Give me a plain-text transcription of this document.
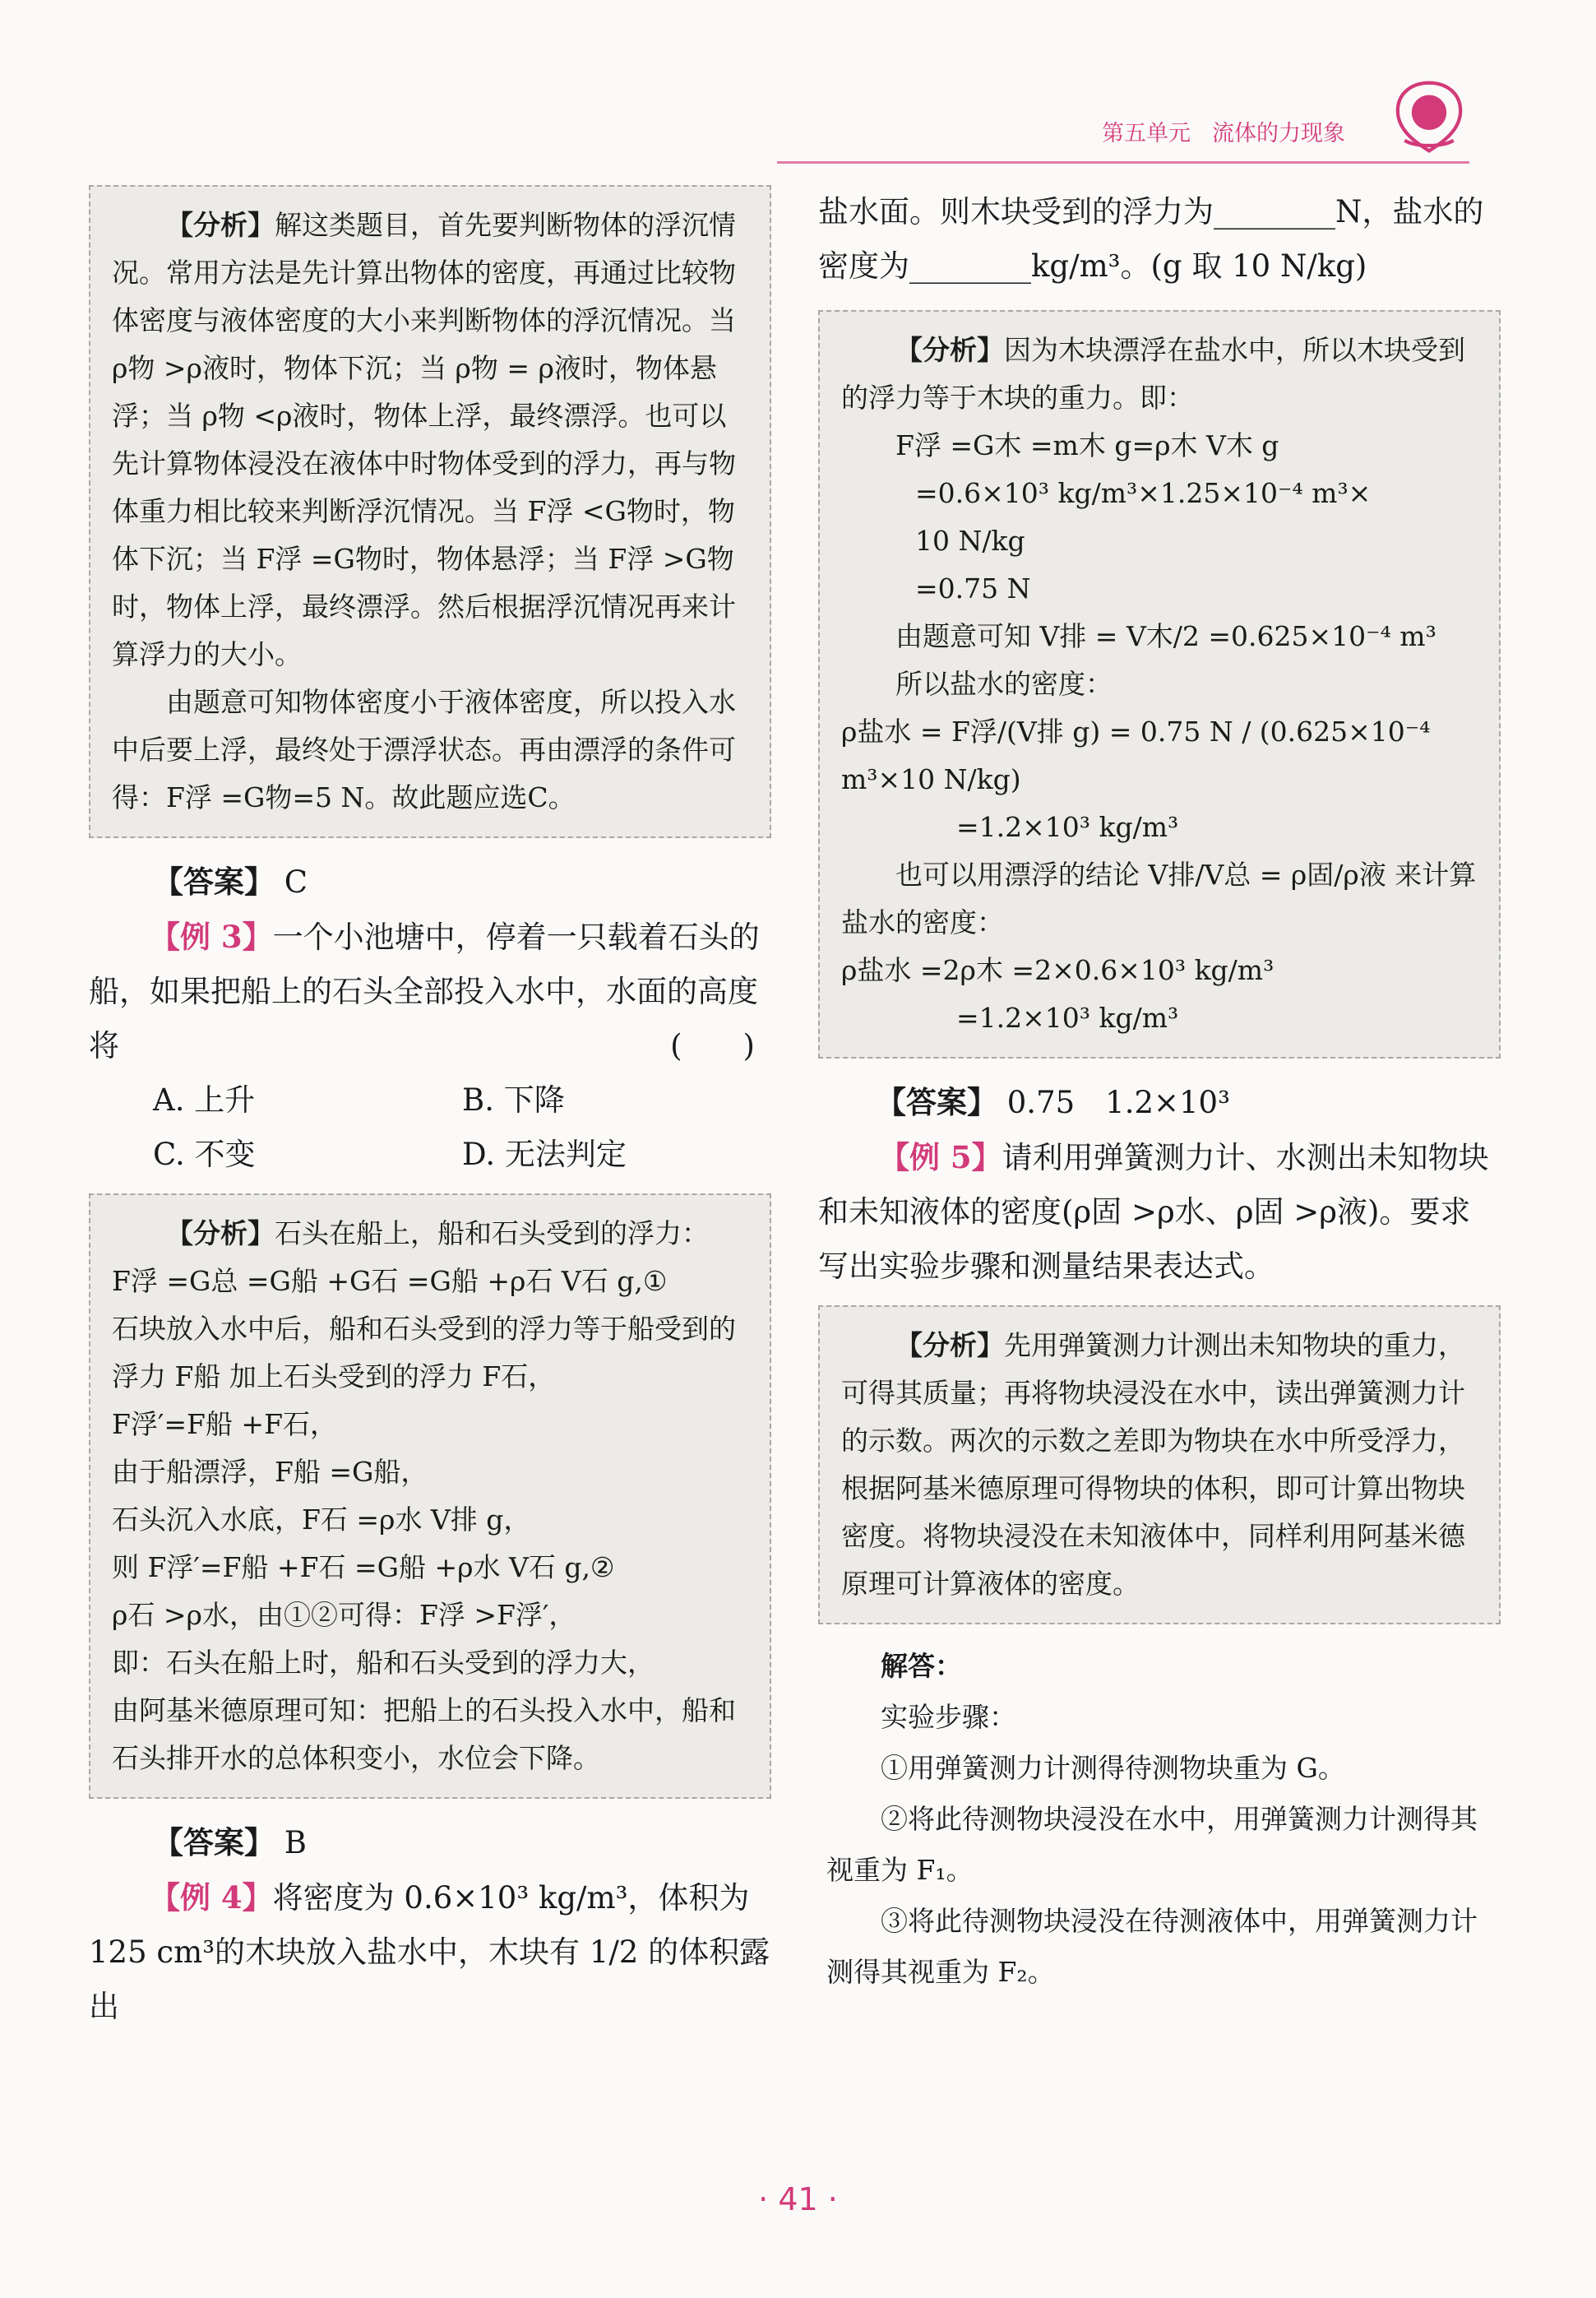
第五单元 流体的力现象
【分析】解这类题目，首先要判断物体的浮沉情况。常用方法是先计算出物体的密度，再通过比较物体密度与液体密度的大小来判断物体的浮沉情况。当 ρ物 >ρ液时，物体下沉；当 ρ物 = ρ液时，物体悬浮；当 ρ物 <ρ液时，物体上浮，最终漂浮。也可以先计算物体浸没在液体中时物体受到的浮力，再与物体重力相比较来判断浮沉情况。当 F浮 <G物时，物体下沉；当 F浮 =G物时，物体悬浮；当 F浮 >G物时，物体上浮，最终漂浮。然后根据浮沉情况再来计算浮力的大小。
由题意可知物体密度小于液体密度，所以投入水中后要上浮，最终处于漂浮状态。再由漂浮的条件可得：F浮 =G物=5 N。故此题应选C。
【答案】 C
【例 3】一个小池塘中，停着一只载着石头的船，如果把船上的石头全部投入水中，水面的高度将	(　　)
A. 上升	B. 下降
C. 不变	D. 无法判定
【分析】石头在船上，船和石头受到的浮力：
F浮 =G总 =G船 +G石 =G船 +ρ石 V石 g,①
石块放入水中后，船和石头受到的浮力等于船受到的浮力 F船 加上石头受到的浮力 F石，
F浮′=F船 +F石，
由于船漂浮，F船 =G船，
石头沉入水底，F石 =ρ水 V排 g，
则 F浮′=F船 +F石 =G船 +ρ水 V石 g,②
ρ石 >ρ水，由①②可得：F浮 >F浮′，
即：石头在船上时，船和石头受到的浮力大，
由阿基米德原理可知：把船上的石头投入水中，船和石头排开水的总体积变小，水位会下降。
【答案】 B
【例 4】将密度为 0.6×10³ kg/m³，体积为 125 cm³的木块放入盐水中，木块有 1/2 的体积露出
盐水面。则木块受到的浮力为________N，盐水的密度为________kg/m³。(g 取 10 N/kg)
【分析】因为木块漂浮在盐水中，所以木块受到的浮力等于木块的重力。即：
F浮 =G木 =m木 g=ρ木 V木 g
=0.6×10³ kg/m³×1.25×10⁻⁴ m³×
10 N/kg
=0.75 N
由题意可知 V排 = V木/2 =0.625×10⁻⁴ m³
所以盐水的密度：
ρ盐水 = F浮/(V排 g) = 0.75 N / (0.625×10⁻⁴ m³×10 N/kg)
=1.2×10³ kg/m³
也可以用漂浮的结论 V排/V总 = ρ固/ρ液 来计算盐水的密度：
ρ盐水 =2ρ木 =2×0.6×10³ kg/m³
=1.2×10³ kg/m³
【答案】 0.75　1.2×10³
【例 5】请利用弹簧测力计、水测出未知物块和未知液体的密度(ρ固 >ρ水、ρ固 >ρ液)。要求写出实验步骤和测量结果表达式。
【分析】先用弹簧测力计测出未知物块的重力，可得其质量；再将物块浸没在水中，读出弹簧测力计的示数。两次的示数之差即为物块在水中所受浮力，根据阿基米德原理可得物块的体积，即可计算出物块密度。将物块浸没在未知液体中，同样利用阿基米德原理可计算液体的密度。
解答：
实验步骤：
①用弹簧测力计测得待测物块重为 G。
②将此待测物块浸没在水中，用弹簧测力计测得其视重为 F₁。
③将此待测物块浸没在待测液体中，用弹簧测力计测得其视重为 F₂。
· 41 ·
